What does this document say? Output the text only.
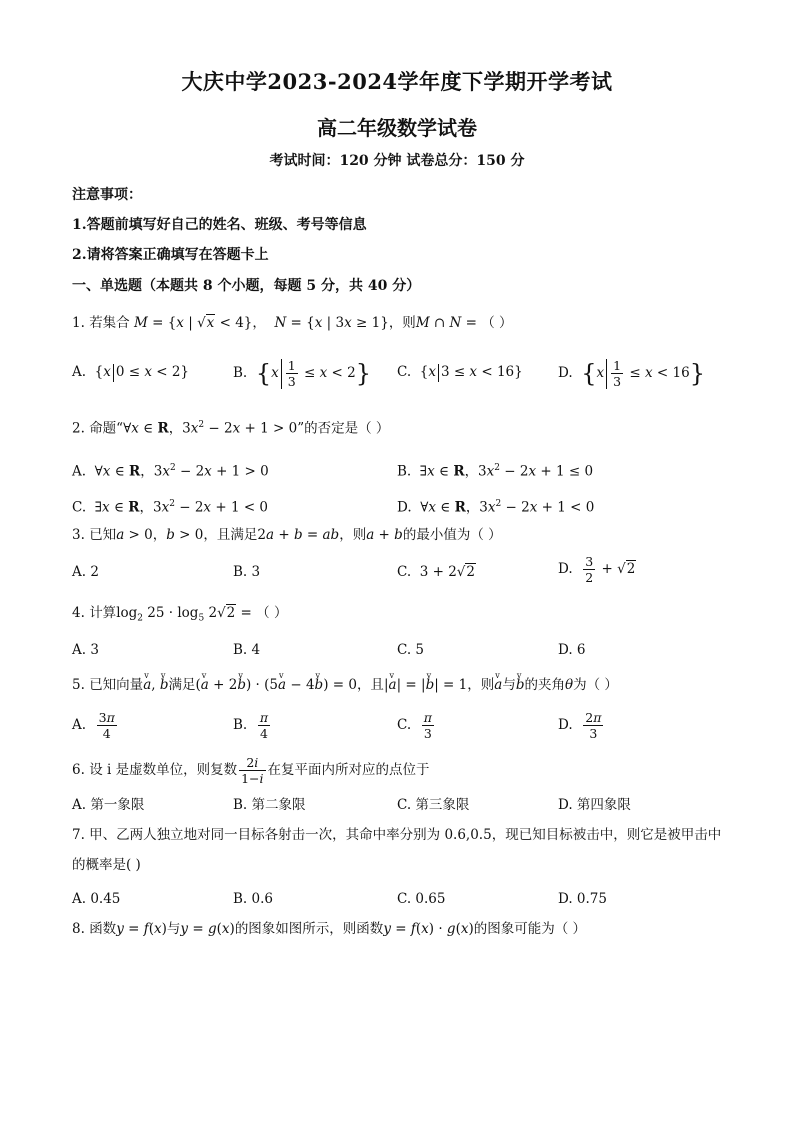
大庆中学2023-2024学年度下学期开学考试
高二年级数学试卷
考试时间：120 分钟 试卷总分：150 分
注意事项：
1.答题前填写好自己的姓名、班级、考号等信息
2.请将答案正确填写在答题卡上
一、单选题（本题共 8 个小题，每题 5 分，共 40 分）
1. 若集合 M = {x | √x < 4}，  N = {x | 3x ≥ 1}，则M ∩ N = （ ）
A.  {x 0 ≤ x < 2}	B. $\{x \frac{1}{3} \le x < 2\}$ C.  {x 3 ≤ x < 16}	D. $\{x \frac{1}{3} \le x < 16\}$
2. 命题“∀x ∈ R，$3x^2 - 2x + 1 > 0$”的否定是（ ）
A.  ∀x ∈ R，$3x^2 - 2x + 1 > 0$	B.  ∃x ∈ R，$3x^2 - 2x + 1 \le 0$
C.  ∃x ∈ R，$3x^2 - 2x + 1 < 0$	D.  ∀x ∈ R，$3x^2 - 2x + 1 < 0$
3. 已知a > 0，b > 0，且满足2a + b = ab，则a + b的最小值为（ ）
A. 2	B. 3	C.  3 + 2√2	D. $\frac{3}{2} + √2$
4. 计算$\log_2 25 \cdot \log_5 2√2$ = （ ）
A. 3	B. 4	C. 5	D. 6
5. 已知向量v a, v b满足(v a + 2v b) · (5v a − 4v b) = 0，且|v a| = |v b| = 1，则v a与v b的夹角θ为（ ）
A. $\frac{3\pi}{4}$	B. $\frac{\pi}{4}$	C. $\frac{\pi}{3}$	D. $\frac{2\pi}{3}$
6. 设 i 是虚数单位，则复数 $\frac{2i}{1-i}$ 在复平面内所对应的点位于
A. 第一象限	B. 第二象限	C. 第三象限	D. 第四象限
7. 甲、乙两人独立地对同一目标各射击一次，其命中率分别为 0.6,0.5，现已知目标被击中，则它是被甲击中的概率是( )
A. 0.45	B. 0.6	C. 0.65	D. 0.75
8. 函数y = f(x)与y = g(x)的图象如图所示，则函数y = f(x) · g(x)的图象可能为（ ）
